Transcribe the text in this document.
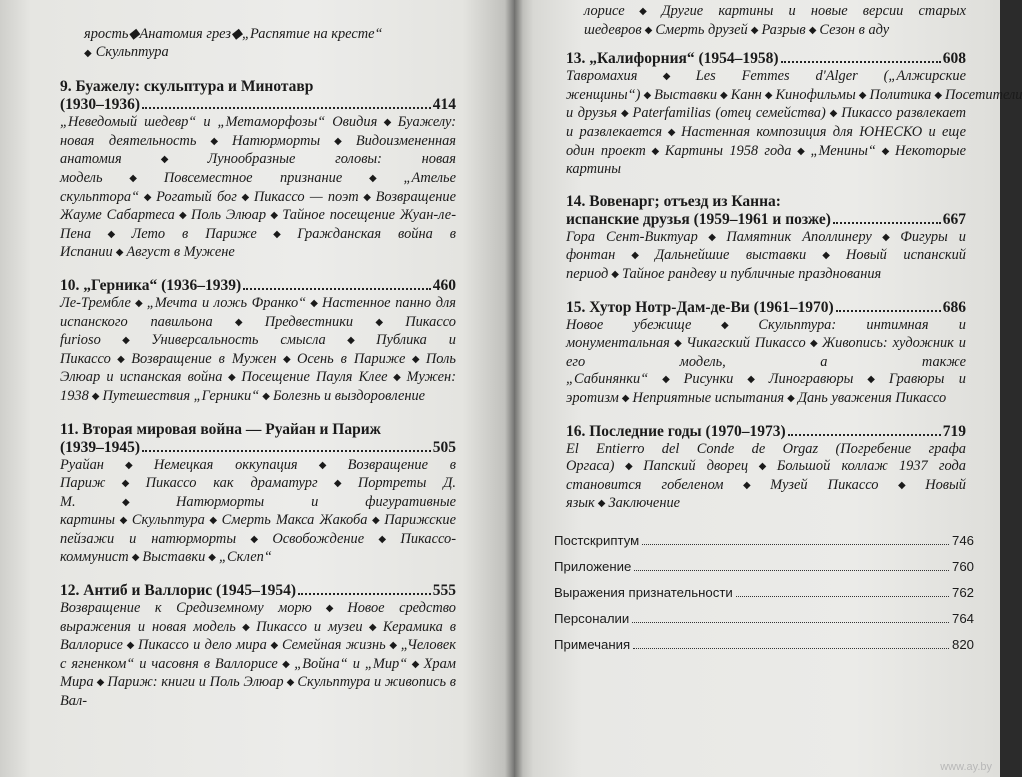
ярость◆Анатомия грез◆„Распятие на кресте“
◆ Скульптура
9. Буажелу: скульптура и Минотавр
(1930–1936)	414
„Неведомый шедевр“ и „Метаморфозы“ Овидия ◆ Буажелу: новая деятельность ◆ Натюрморты ◆ Видоизмененная анатомия ◆ Лунообразные головы: новая модель ◆ Повсеместное признание ◆ „Ателье скульптора“ ◆ Рогатый бог ◆ Пикассо — поэт ◆ Возвращение Жауме Сабартеса ◆ Поль Элюар ◆ Тайное посещение Жуан-ле-Пена ◆ Лето в Париже ◆ Гражданская война в Испании ◆ Август в Мужене
10. „Герника“ (1936–1939)	460
Ле-Трембле ◆ „Мечта и ложь Франко“ ◆ Настенное панно для испанского павильона ◆ Предвестники ◆ Пикассо furioso ◆ Универсальность смысла ◆ Публика и Пикассо ◆ Возвращение в Мужен ◆ Осень в Париже ◆ Поль Элюар и испанская война ◆ Посещение Пауля Клее ◆ Мужен: 1938 ◆ Путешествия „Герники“ ◆ Болезнь и выздоровление
11. Вторая мировая война — Руайан и Париж
(1939–1945)	505
Руайан ◆ Немецкая оккупация ◆ Возвращение в Париж ◆ Пикассо как драматург ◆ Портреты Д. М. ◆ Натюрморты и фигуративные картины ◆ Скульптура ◆ Смерть Макса Жакоба ◆ Парижские пейзажи и натюрморты ◆ Освобождение ◆ Пикассо-коммунист ◆ Выставки ◆ „Склеп“
12. Антиб и Валлорис (1945–1954)	555
Возвращение к Средиземному морю ◆ Новое средство выражения и новая модель ◆ Пикассо и музеи ◆ Керамика в Валлорисе ◆ Пикассо и дело мира ◆ Семейная жизнь ◆ „Человек с ягненком“ и часовня в Валлорисе ◆ „Война“ и „Мир“ ◆ Храм Мира ◆ Париж: книги и Поль Элюар ◆ Скульптура и живопись в Вал-
лорисе ◆ Другие картины и новые версии старых шедевров ◆ Смерть друзей ◆ Разрыв ◆ Сезон в аду
13. „Калифорния“ (1954–1958)	608
Тавромахия ◆ Les Femmes d'Alger („Алжирские женщины“) ◆ Выставки ◆ Канн ◆ Кинофильмы ◆ Политика ◆ Посетители и друзья ◆ Paterfamilias (отец семейства) ◆ Пикассо развлекает и развлекается ◆ Настенная композиция для ЮНЕСКО и еще один проект ◆ Картины 1958 года ◆ „Менины“ ◆ Некоторые картины
14. Вовенарг; отъезд из Канна:
испанские друзья (1959–1961 и позже)	667
Гора Сент-Виктуар ◆ Памятник Аполлинеру ◆ Фигуры и фонтан ◆ Дальнейшие выставки ◆ Новый испанский период ◆ Тайное рандеву и публичные празднования
15. Хутор Нотр-Дам-де-Ви (1961–1970)	686
Новое убежище ◆ Скульптура: интимная и монументальная ◆ Чикагский Пикассо ◆ Живопись: художник и его модель, а также „Сабинянки“ ◆ Рисунки ◆ Линогравюры ◆ Гравюры и эротизм ◆ Неприятные испытания ◆ Дань уважения Пикассо
16. Последние годы (1970–1973)	719
El Entierro del Conde de Orgaz (Погребение графа Оргаса) ◆ Папский дворец ◆ Большой коллаж 1937 года становится гобеленом ◆ Музей Пикассо ◆ Новый язык ◆ Заключение
Постскриптум	746
Приложение	760
Выражения признательности	762
Персоналии	764
Примечания	820
www.ay.by
